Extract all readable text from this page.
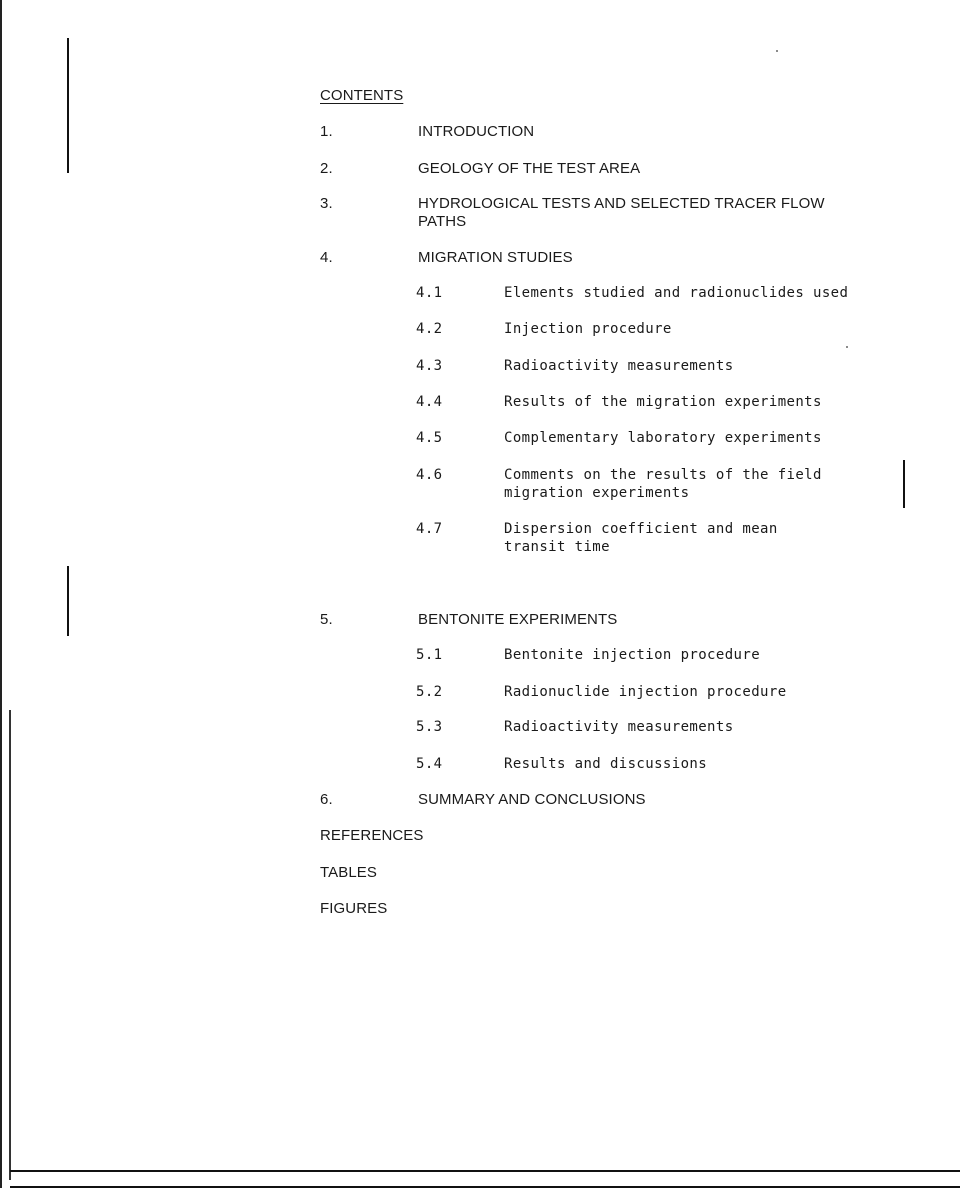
CONTENTS
1.	INTRODUCTION
2.	GEOLOGY OF THE TEST AREA
3.	HYDROLOGICAL TESTS AND SELECTED TRACER FLOW
PATHS
4.	MIGRATION STUDIES
4.1	Elements studied and radionuclides used
4.2	Injection procedure
4.3	Radioactivity measurements
4.4	Results of the migration experiments
4.5	Complementary laboratory experiments
4.6	Comments on the results of the field
migration experiments
4.7	Dispersion coefficient and mean
transit time
5.	BENTONITE EXPERIMENTS
5.1	Bentonite injection procedure
5.2	Radionuclide injection procedure
5.3	Radioactivity measurements
5.4	Results and discussions
6.	SUMMARY AND CONCLUSIONS
REFERENCES
TABLES
FIGURES
